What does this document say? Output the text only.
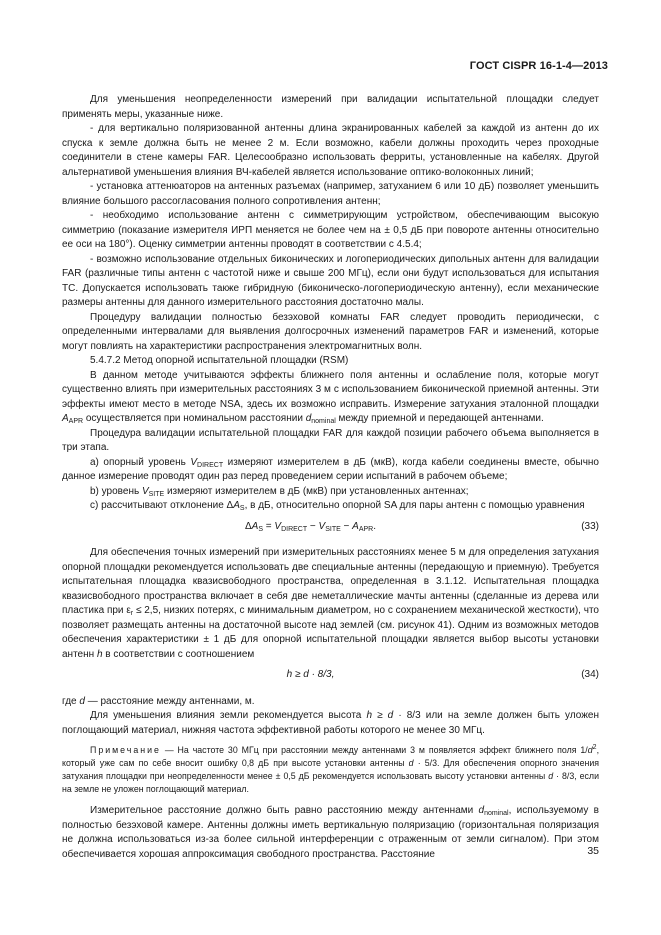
ГОСТ CISPR 16-1-4—2013

Для уменьшения неопределенности измерений при валидации испытательной площадки следует применять меры, указанные ниже.

- для вертикально поляризованной антенны длина экранированных кабелей за каждой из антенн до их спуска к земле должна быть не менее 2 м. Если возможно, кабели должны проходить через проходные соединители в стене камеры FAR. Целесообразно использовать ферриты, установленные на кабелях. Другой альтернативой уменьшения влияния ВЧ-кабелей является использование оптико-волоконных линий;

- установка аттенюаторов на антенных разъемах (например, затуханием 6 или 10 дБ) позволяет уменьшить влияние большого рассогласования полного сопротивления антенн;

- необходимо использование антенн с симметрирующим устройством, обеспечивающим высокую симметрию (показание измерителя ИРП меняется не более чем на ± 0,5 дБ при повороте антенны относительно ее оси на 180°). Оценку симметрии антенны проводят в соответствии с 4.5.4;

- возможно использование отдельных биконических и логопериодических дипольных антенн для валидации FAR (различные типы антенн с частотой ниже и свыше 200 МГц), если они будут использоваться для испытания ТС. Допускается использовать также гибридную (биконическо-логопериодическую антенну), если механические размеры антенны для данного измерительного расстояния достаточно малы.

Процедуру валидации полностью безэховой комнаты FAR следует проводить периодически, с определенными интервалами для выявления долгосрочных изменений параметров FAR и изменений, которые могут повлиять на характеристики распространения электромагнитных волн.

5.4.7.2 Метод опорной испытательной площадки (RSM)

В данном методе учитываются эффекты ближнего поля антенны и ослабление поля, которые могут существенно влиять при измерительных расстояниях 3 м с использованием биконической приемной антенны. Эти эффекты имеют место в методе NSA, здесь их возможно исправить. Измерение затухания эталонной площадки $A_{APR}$ осуществляется при номинальном расстоянии $d_{nominal}$ между приемной и передающей антеннами.

Процедура валидации испытательной площадки FAR для каждой позиции рабочего объема выполняется в три этапа.

а) опорный уровень $V_{DIRECT}$ измеряют измерителем в дБ (мкВ), когда кабели соединены вместе, обычно данное измерение проводят один раз перед проведением серии испытаний в рабочем объеме;

b) уровень $V_{SITE}$ измеряют измерителем в дБ (мкВ) при установленных антеннах;

с) рассчитывают отклонение $\Delta A_S$, в дБ, относительно опорной SA для пары антенн с помощью уравнения

$\Delta A_S = V_{DIRECT} - V_{SITE} - A_{APR}$.	(33)

Для обеспечения точных измерений при измерительных расстояниях менее 5 м для определения затухания опорной площадки рекомендуется использовать две специальные антенны (передающую и приемную). Требуется испытательная площадка квазисвободного пространства, определенная в 3.1.12. Испытательная площадка квазисвободного пространства включает в себя две неметаллические мачты антенны (сделанные из дерева или пластика при $\varepsilon_r \le 2,5$, низких потерях, с минимальным диаметром, но с сохранением механической жесткости), что позволяет размещать антенны на достаточной высоте над землей (см. рисунок 41). Одним из возможных методов обеспечения характеристики ± 1 дБ для опорной испытательной площадки является выбор высоты установки антенн h в соответствии с соотношением

h ≥ d · 8/3,	(34)

где d — расстояние между антеннами, м.

Для уменьшения влияния земли рекомендуется высота h ≥ d · 8/3 или на земле должен быть уложен поглощающий материал, нижняя частота эффективной работы которого не менее 30 МГц.

Примечание — На частоте 30 МГц при расстоянии между антеннами 3 м появляется эффект ближнего поля $1/d^2$, который уже сам по себе вносит ошибку 0,8 дБ при высоте установки антенны d · 5/3. Для обеспечения опорного значения затухания площадки при неопределенности менее ± 0,5 дБ рекомендуется использовать высоту установки антенны d · 8/3, если на земле не уложен поглощающий материал.

Измерительное расстояние должно быть равно расстоянию между антеннами $d_{nominal}$, используемому в полностью безэховой камере. Антенны должны иметь вертикальную поляризацию (горизонтальная поляризация не должна использоваться из-за более сильной интерференции с отраженным от земли сигналом). При этом обеспечивается хорошая аппроксимация свободного пространства. Расстояние	35
